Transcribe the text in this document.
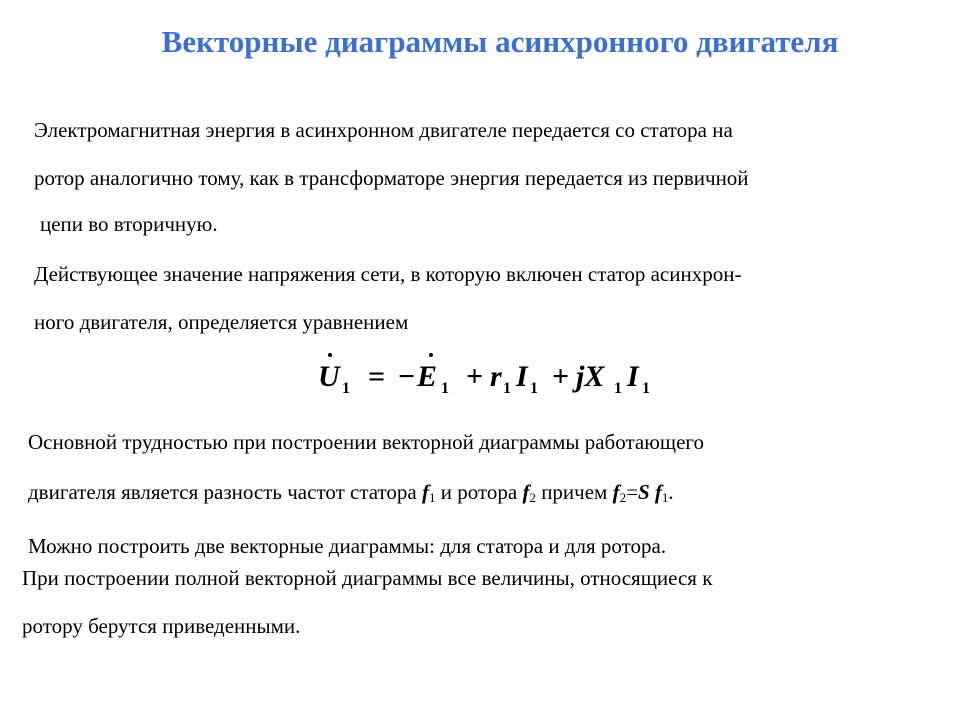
Векторные диаграммы асинхронного двигателя
Электромагнитная энергия в асинхронном двигателе передается со статора на
ротор аналогично тому, как в трансформаторе энергия передается из первичной
цепи во вторичную.
Действующее значение напряжения сети, в которую включен статор асинхрон-
ного двигателя, определяется уравнением
U 1 = − E 1 + r 1 I 1 + jX 1 I 1
Основной трудностью при построении векторной диаграммы работающего
двигателя является разность частот статора f1 и ротора f2 причем f2=S f1.
Можно построить две векторные диаграммы: для статора и для ротора.
При построении полной векторной диаграммы все величины, относящиеся к
ротору берутся приведенными.
